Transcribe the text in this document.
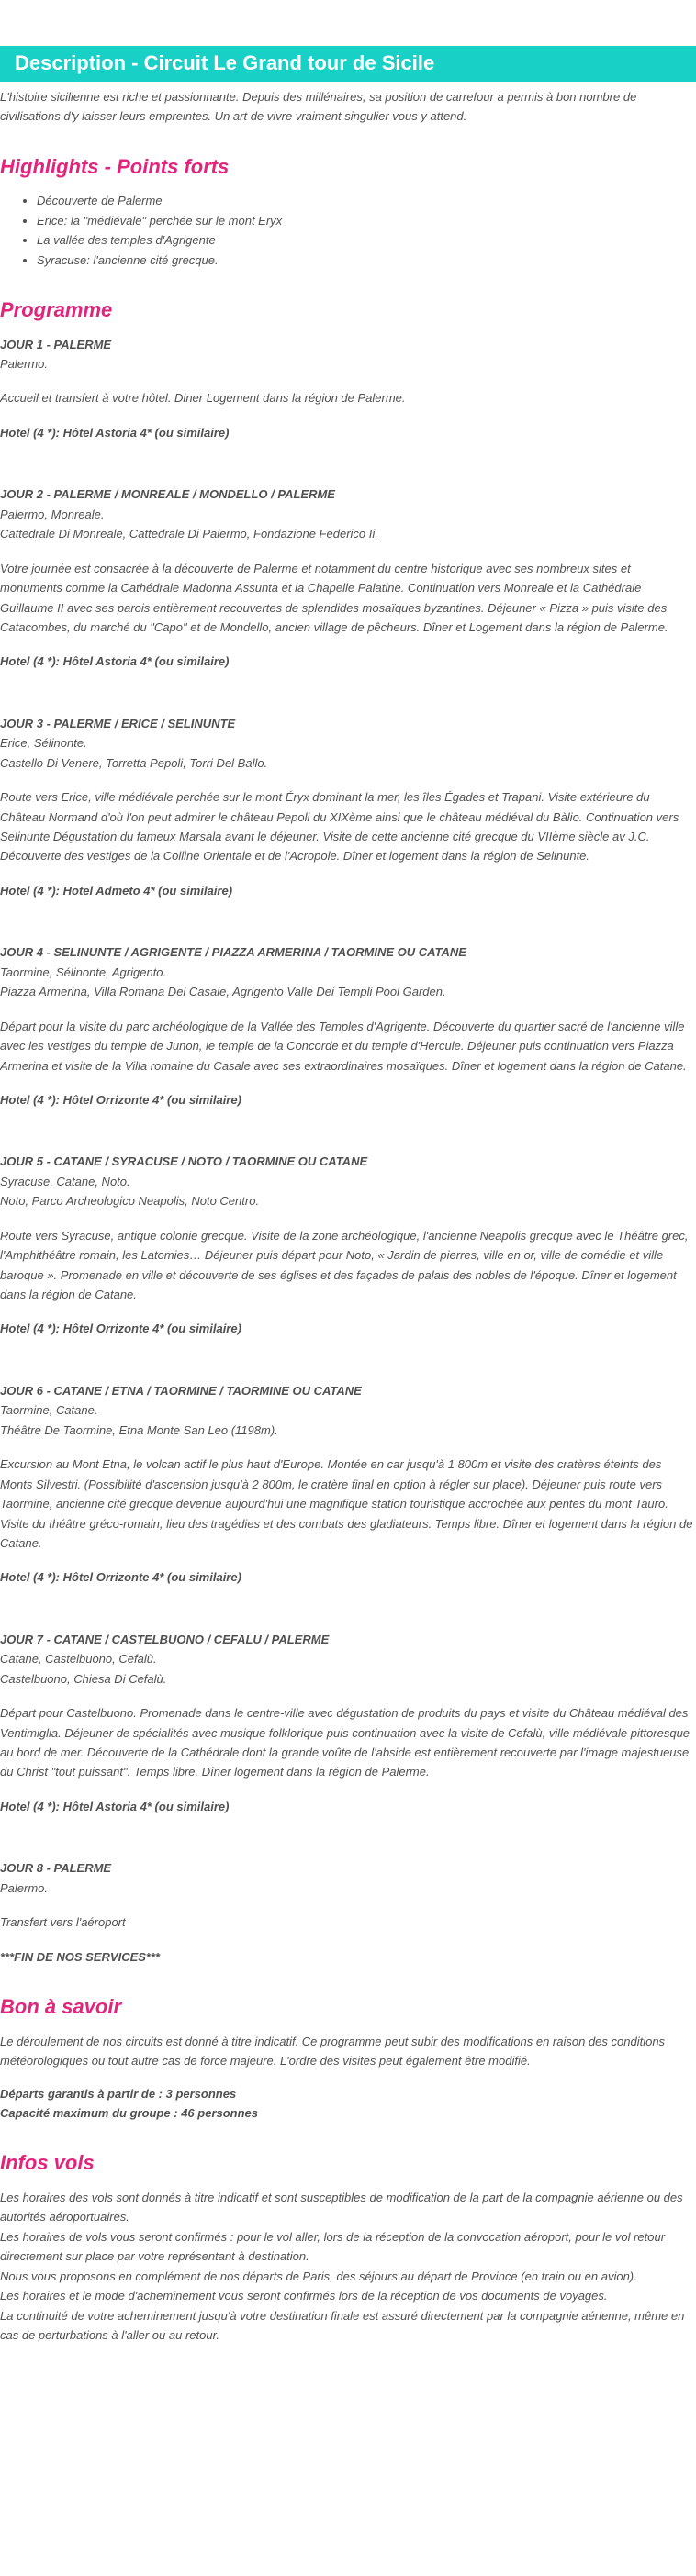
Description - Circuit Le Grand tour de Sicile

L'histoire sicilienne est riche et passionnante. Depuis des millénaires, sa position de carrefour a permis à bon nombre de civilisations d'y laisser leurs empreintes. Un art de vivre vraiment singulier vous y attend.

Highlights - Points forts
• Découverte de Palerme
• Erice: la "médiévale" perchée sur le mont Eryx
• La vallée des temples d'Agrigente
• Syracuse: l'ancienne cité grecque.
Programme

JOUR 1 - PALERME

Palermo.

Accueil et transfert à votre hôtel. Diner Logement dans la région de Palerme.

Hotel (4 *): Hôtel Astoria 4* (ou similaire)

JOUR 2 - PALERME / MONREALE / MONDELLO / PALERME

Palermo, Monreale.

Cattedrale Di Monreale, Cattedrale Di Palermo, Fondazione Federico Ii.

Votre journée est consacrée à la découverte de Palerme et notamment du centre historique avec ses nombreux sites et monuments comme la Cathédrale Madonna Assunta et la Chapelle Palatine. Continuation vers Monreale et la Cathédrale Guillaume II avec ses parois entièrement recouvertes de splendides mosaïques byzantines. Déjeuner « Pizza » puis visite des Catacombes, du marché du "Capo" et de Mondello, ancien village de pêcheurs. Dîner et Logement dans la région de Palerme.

Hotel (4 *): Hôtel Astoria 4* (ou similaire)

JOUR 3 - PALERME / ERICE / SELINUNTE

Erice, Sélinonte.

Castello Di Venere, Torretta Pepoli, Torri Del Ballo.

Route vers Erice, ville médiévale perchée sur le mont Éryx dominant la mer, les îles Égades et Trapani. Visite extérieure du Château Normand d'où l'on peut admirer le château Pepoli du XIXème ainsi que le château médiéval du Bàlio. Continuation vers Selinunte Dégustation du fameux Marsala avant le déjeuner. Visite de cette ancienne cité grecque du VIIème siècle av J.C. Découverte des vestiges de la Colline Orientale et de l'Acropole. Dîner et logement dans la région de Selinunte.

Hotel (4 *): Hotel Admeto 4* (ou similaire)

JOUR 4 - SELINUNTE / AGRIGENTE / PIAZZA ARMERINA / TAORMINE OU CATANE

Taormine, Sélinonte, Agrigento.

Piazza Armerina, Villa Romana Del Casale, Agrigento Valle Dei Templi Pool Garden.

Départ pour la visite du parc archéologique de la Vallée des Temples d'Agrigente. Découverte du quartier sacré de l'ancienne ville avec les vestiges du temple de Junon, le temple de la Concorde et du temple d'Hercule. Déjeuner puis continuation vers Piazza Armerina et visite de la Villa romaine du Casale avec ses extraordinaires mosaïques. Dîner et logement dans la région de Catane.

Hotel (4 *): Hôtel Orrizonte 4* (ou similaire)

JOUR 5 - CATANE / SYRACUSE / NOTO / TAORMINE OU CATANE

Syracuse, Catane, Noto.

Noto, Parco Archeologico Neapolis, Noto Centro.

Route vers Syracuse, antique colonie grecque. Visite de la zone archéologique, l'ancienne Neapolis grecque avec le Théâtre grec, l'Amphithéâtre romain, les Latomies… Déjeuner puis départ pour Noto, « Jardin de pierres, ville en or, ville de comédie et ville baroque ». Promenade en ville et découverte de ses églises et des façades de palais des nobles de l'époque. Dîner et logement dans la région de Catane.

Hotel (4 *): Hôtel Orrizonte 4* (ou similaire)

JOUR 6 - CATANE / ETNA / TAORMINE / TAORMINE OU CATANE

Taormine, Catane.

Théâtre De Taormine, Etna Monte San Leo (1198m).

Excursion au Mont Etna, le volcan actif le plus haut d'Europe. Montée en car jusqu'à 1 800m et visite des cratères éteints des Monts Silvestri. (Possibilité d'ascension jusqu'à 2 800m, le cratère final en option à régler sur place). Déjeuner puis route vers Taormine, ancienne cité grecque devenue aujourd'hui une magnifique station touristique accrochée aux pentes du mont Tauro. Visite du théâtre gréco-romain, lieu des tragédies et des combats des gladiateurs. Temps libre. Dîner et logement dans la région de Catane.

Hotel (4 *): Hôtel Orrizonte 4* (ou similaire)

JOUR 7 - CATANE / CASTELBUONO / CEFALU / PALERME

Catane, Castelbuono, Cefalù.

Castelbuono, Chiesa Di Cefalù.

Départ pour Castelbuono. Promenade dans le centre-ville avec dégustation de produits du pays et visite du Château médiéval des Ventimiglia. Déjeuner de spécialités avec musique folklorique puis continuation avec la visite de Cefalù, ville médiévale pittoresque au bord de mer. Découverte de la Cathédrale dont la grande voûte de l'abside est entièrement recouverte par l'image majestueuse du Christ "tout puissant". Temps libre. Dîner logement dans la région de Palerme.

Hotel (4 *): Hôtel Astoria 4* (ou similaire)

JOUR 8 - PALERME

Palermo.

Transfert vers l'aéroport

***FIN DE NOS SERVICES***

Bon à savoir

Le déroulement de nos circuits est donné à titre indicatif. Ce programme peut subir des modifications en raison des conditions météorologiques ou tout autre cas de force majeure. L'ordre des visites peut également être modifié.

Départs garantis à partir de : 3 personnes

Capacité maximum du groupe : 46 personnes

Infos vols

Les horaires des vols sont donnés à titre indicatif et sont susceptibles de modification de la part de la compagnie aérienne ou des autorités aéroportuaires.

Les horaires de vols vous seront confirmés : pour le vol aller, lors de la réception de la convocation aéroport, pour le vol retour directement sur place par votre représentant à destination.

Nous vous proposons en complément de nos départs de Paris, des séjours au départ de Province (en train ou en avion).

Les horaires et le mode d'acheminement vous seront confirmés lors de la réception de vos documents de voyages.

La continuité de votre acheminement jusqu'à votre destination finale est assuré directement par la compagnie aérienne, même en cas de perturbations à l'aller ou au retour.
